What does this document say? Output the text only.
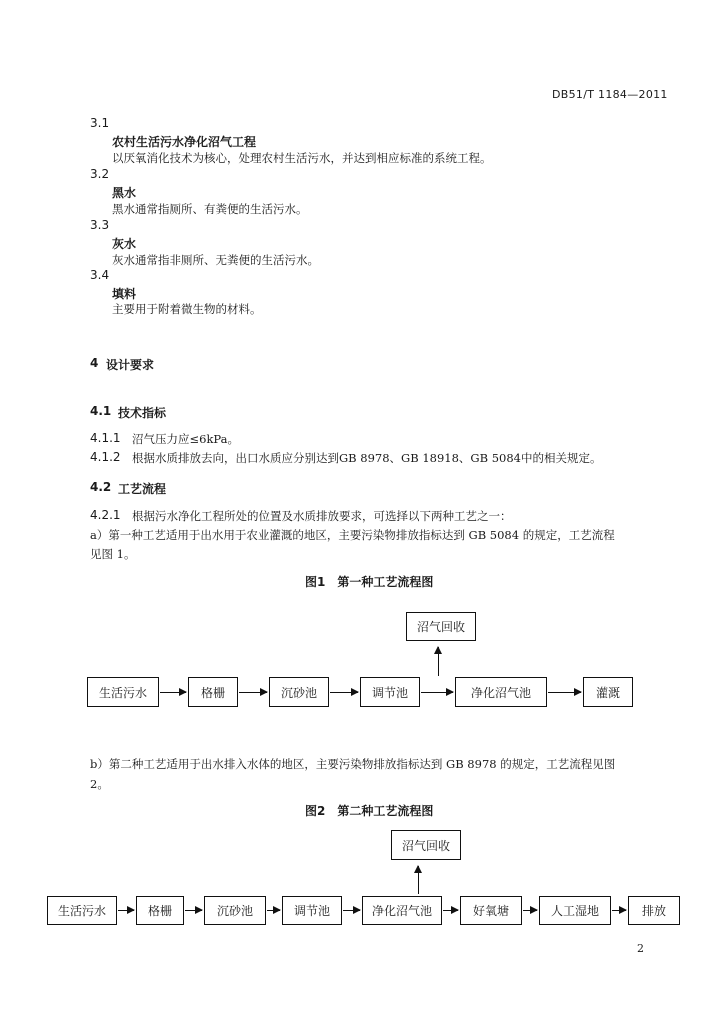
DB51/T 1184—2011
3.1
农村生活污水净化沼气工程
以厌氧消化技术为核心，处理农村生活污水，并达到相应标准的系统工程。
3.2
黑水
黑水通常指厕所、有粪便的生活污水。
3.3
灰水
灰水通常指非厕所、无粪便的生活污水。
3.4
填料
主要用于附着微生物的材料。
4 设计要求
4.1 技术指标
4.1.1 沼气压力应≤6kPa。
4.1.2 根据水质排放去向，出口水质应分别达到GB 8978、GB 18918、GB 5084中的相关规定。
4.2 工艺流程
4.2.1 根据污水净化工程所处的位置及水质排放要求，可选择以下两种工艺之一：
a）第一种工艺适用于出水用于农业灌溉的地区，主要污染物排放指标达到 GB 5084 的规定，工艺流程
见图 1。
图1　第一种工艺流程图
沼气回收
生活污水	格栅	沉砂池	调节池	净化沼气池	灌溉
b）第二种工艺适用于出水排入水体的地区，主要污染物排放指标达到 GB 8978 的规定，工艺流程见图
2。
图2　第二种工艺流程图
沼气回收
生活污水	格栅	沉砂池	调节池	净化沼气池	好氧塘	人工湿地	排放
2
